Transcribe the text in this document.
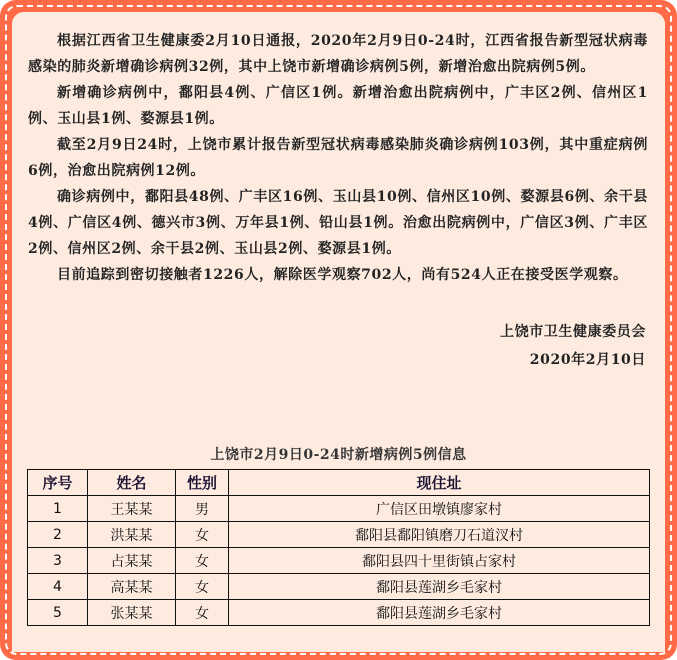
根据江西省卫生健康委2月10日通报，2020年2月9日0-24时，江西省报告新型冠状病毒感染的肺炎新增确诊病例32例，其中上饶市新增确诊病例5例，新增治愈出院病例5例。

新增确诊病例中，鄱阳县4例、广信区1例。新增治愈出院病例中，广丰区2例、信州区1例、玉山县1例、婺源县1例。

截至2月9日24时，上饶市累计报告新型冠状病毒感染肺炎确诊病例103例，其中重症病例6例，治愈出院病例12例。

确诊病例中，鄱阳县48例、广丰区16例、玉山县10例、信州区10例、婺源县6例、余干县4例、广信区4例、德兴市3例、万年县1例、铅山县1例。治愈出院病例中，广信区3例、广丰区2例、信州区2例、余干县2例、玉山县2例、婺源县1例。

目前追踪到密切接触者1226人，解除医学观察702人，尚有524人正在接受医学观察。

上饶市卫生健康委员会

2020年2月10日

上饶市2月9日0-24时新增病例5例信息
序号	姓名	性别	现住址
1	王某某	男	广信区田墩镇廖家村
2	洪某某	女	鄱阳县鄱阳镇磨刀石道汊村
3	占某某	女	鄱阳县四十里街镇占家村
4	高某某	女	鄱阳县莲湖乡毛家村
5	张某某	女	鄱阳县莲湖乡毛家村
